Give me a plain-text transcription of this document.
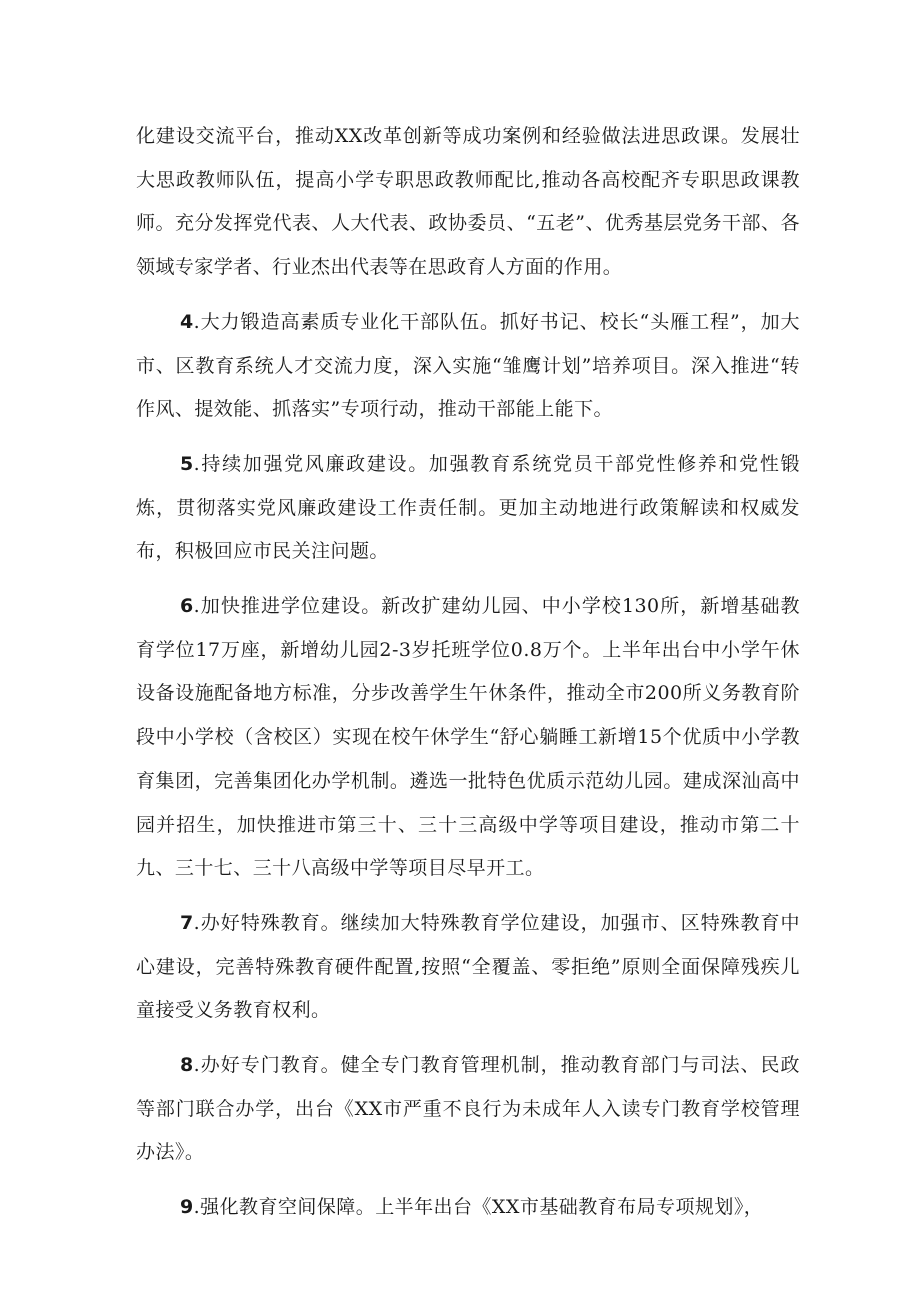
化建设交流平台，推动XX改革创新等成功案例和经验做法进思政课。发展壮大思政教师队伍，提高小学专职思政教师配比,推动各高校配齐专职思政课教师。充分发挥党代表、人大代表、政协委员、“五老”、优秀基层党务干部、各领域专家学者、行业杰出代表等在思政育人方面的作用。

4.大力锻造高素质专业化干部队伍。抓好书记、校长“头雁工程”，加大市、区教育系统人才交流力度，深入实施“雏鹰计划”培养项目。深入推进“转作风、提效能、抓落实”专项行动，推动干部能上能下。

5.持续加强党风廉政建设。加强教育系统党员干部党性修养和党性锻炼，贯彻落实党风廉政建设工作责任制。更加主动地进行政策解读和权威发布，积极回应市民关注问题。

6.加快推进学位建设。新改扩建幼儿园、中小学校130所，新增基础教育学位17万座，新增幼儿园2-3岁托班学位0.8万个。上半年出台中小学午休设备设施配备地方标准，分步改善学生午休条件，推动全市200所义务教育阶段中小学校（含校区）实现在校午休学生“舒心躺睡工新增15个优质中小学教育集团，完善集团化办学机制。遴选一批特色优质示范幼儿园。建成深汕高中园并招生，加快推进市第三十、三十三高级中学等项目建设，推动市第二十九、三十七、三十八高级中学等项目尽早开工。

7.办好特殊教育。继续加大特殊教育学位建设，加强市、区特殊教育中心建设，完善特殊教育硬件配置,按照“全覆盖、零拒绝”原则全面保障残疾儿童接受义务教育权利。

8.办好专门教育。健全专门教育管理机制，推动教育部门与司法、民政等部门联合办学，出台《XX市严重不良行为未成年人入读专门教育学校管理办法》。

9.强化教育空间保障。上半年出台《XX市基础教育布局专项规划》，
